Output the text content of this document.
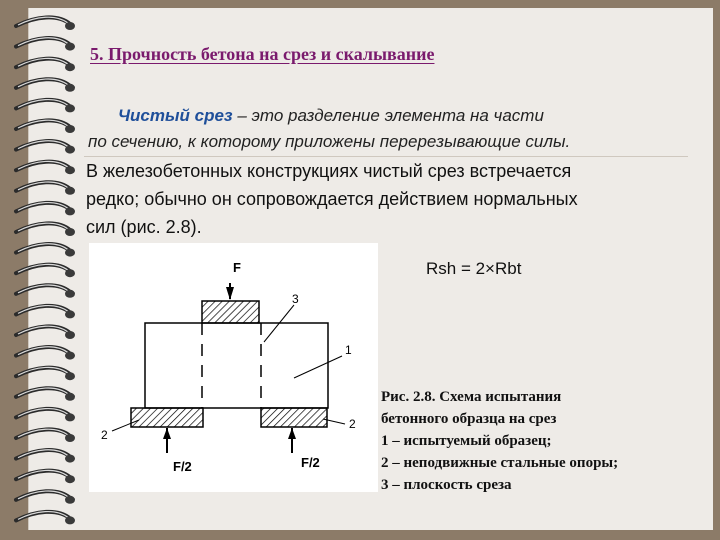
5. Прочность бетона на срез и скалывание
Чистый срез – это разделение элемента на части
по сечению, к которому приложены перерезывающие силы.
В железобетонных конструкциях чистый срез встречается
редко; обычно он сопровождается действием нормальных
сил (рис. 2.8).
Rsh = 2×Rbt
F
F/2	F/2
3
1
2
2
Рис. 2.8. Схема испытания
бетонного образца на срез
1 – испытуемый образец;
2 – неподвижные стальные опоры;
3 – плоскость среза
